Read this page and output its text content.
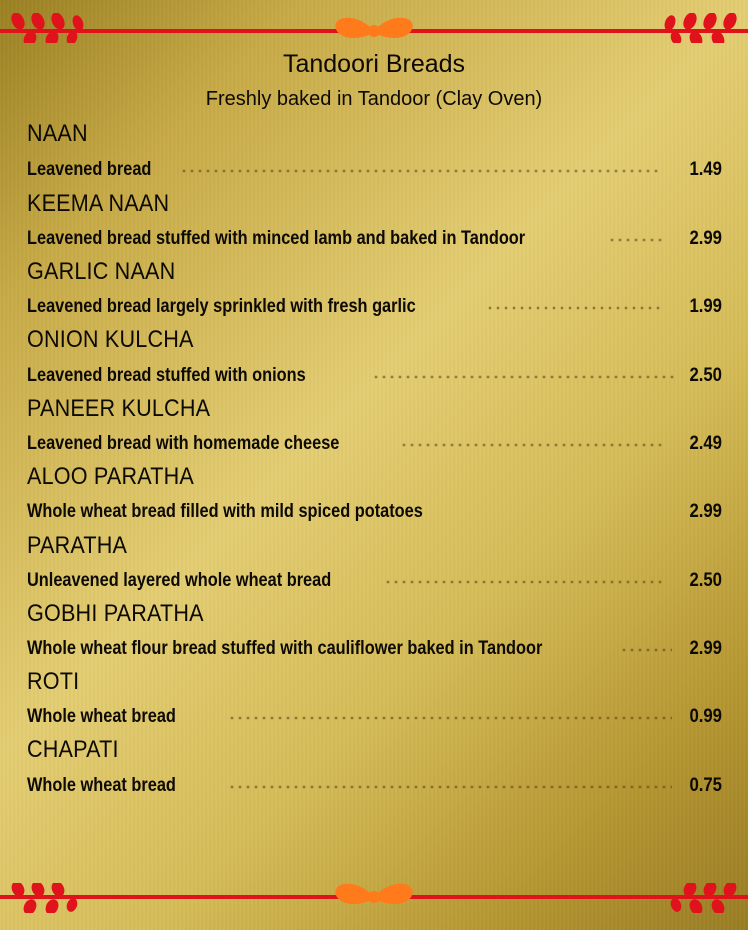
Tandoori Breads
Freshly baked in Tandoor (Clay Oven)
NAAN
Leavened bread	1.49
KEEMA NAAN
Leavened bread stuffed with minced lamb and baked in Tandoor	2.99
GARLIC NAAN
Leavened bread largely sprinkled with fresh garlic	1.99
ONION KULCHA
Leavened bread stuffed with onions	2.50
PANEER KULCHA
Leavened bread with homemade cheese	2.49
ALOO PARATHA
Whole wheat bread filled with mild spiced potatoes	2.99
PARATHA
Unleavened layered whole wheat bread	2.50
GOBHI PARATHA
Whole wheat flour bread stuffed with cauliflower baked in Tandoor	2.99
ROTI
Whole wheat bread	0.99
CHAPATI
Whole wheat bread	0.75
